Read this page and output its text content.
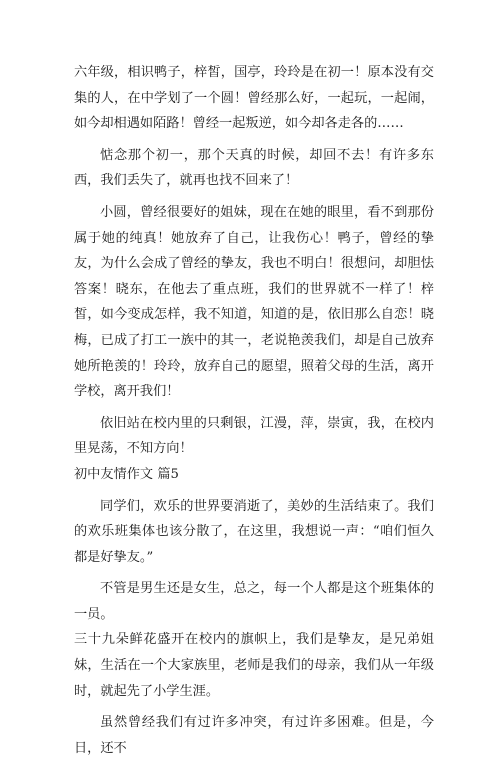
六年级，相识鸭子，梓皙，国亭，玲玲是在初一！原本没有交集的人，在中学划了一个圆！曾经那么好，一起玩，一起闹，如今却相遇如陌路！曾经一起叛逆，如今却各走各的……

惦念那个初一，那个天真的时候，却回不去！有许多东西，我们丢失了，就再也找不回来了！

小圆，曾经很要好的姐妹，现在在她的眼里，看不到那份属于她的纯真！她放弃了自己，让我伤心！鸭子，曾经的挚友，为什么会成了曾经的挚友，我也不明白！很想问，却胆怯　答案！晓东，在他去了重点班，我们的世界就不一样了！梓皙，如今变成怎样，我不知道，知道的是，依旧那么自恋！晓梅，已成了打工一族中的其一，老说艳羡我们，却是自己放弃她所艳羡的！玲玲，放弃自己的愿望，照着父母的生活，离开学校，离开我们！

依旧站在校内里的只剩银，江漫，萍，崇寅，我，在校内里晃荡，不知方向！

初中友情作文 篇5

同学们，欢乐的世界要消逝了，美妙的生活结束了。我们的欢乐班集体也该分散了，在这里，我想说一声：“咱们恒久都是好挚友。”

不管是男生还是女生，总之，每一个人都是这个班集体的一员。

三十九朵鲜花盛开在校内的旗帜上，我们是挚友，是兄弟姐妹，生活在一个大家族里，老师是我们的母亲，我们从一年级时，就起先了小学生涯。

虽然曾经我们有过许多冲突，有过许多困难。但是，今日，还不
